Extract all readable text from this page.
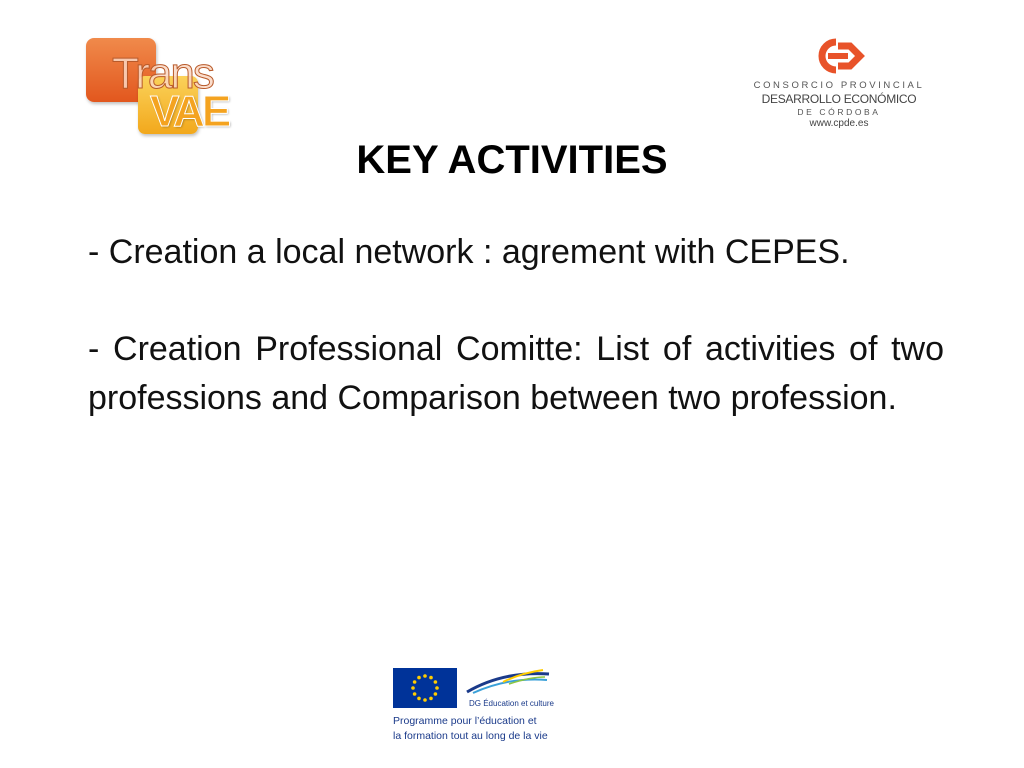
Trans
VAE
CONSORCIO PROVINCIAL
DESARROLLO ECONÓMICO
DE CÓRDOBA
www.cpde.es
KEY ACTIVITIES

- Creation a local network : agrement with CEPES.

- Creation Professional Comitte: List of activities of two professions and Comparison between two profession.

DG Éducation et culture
Programme pour l’éducation et
la formation tout au long de la vie
